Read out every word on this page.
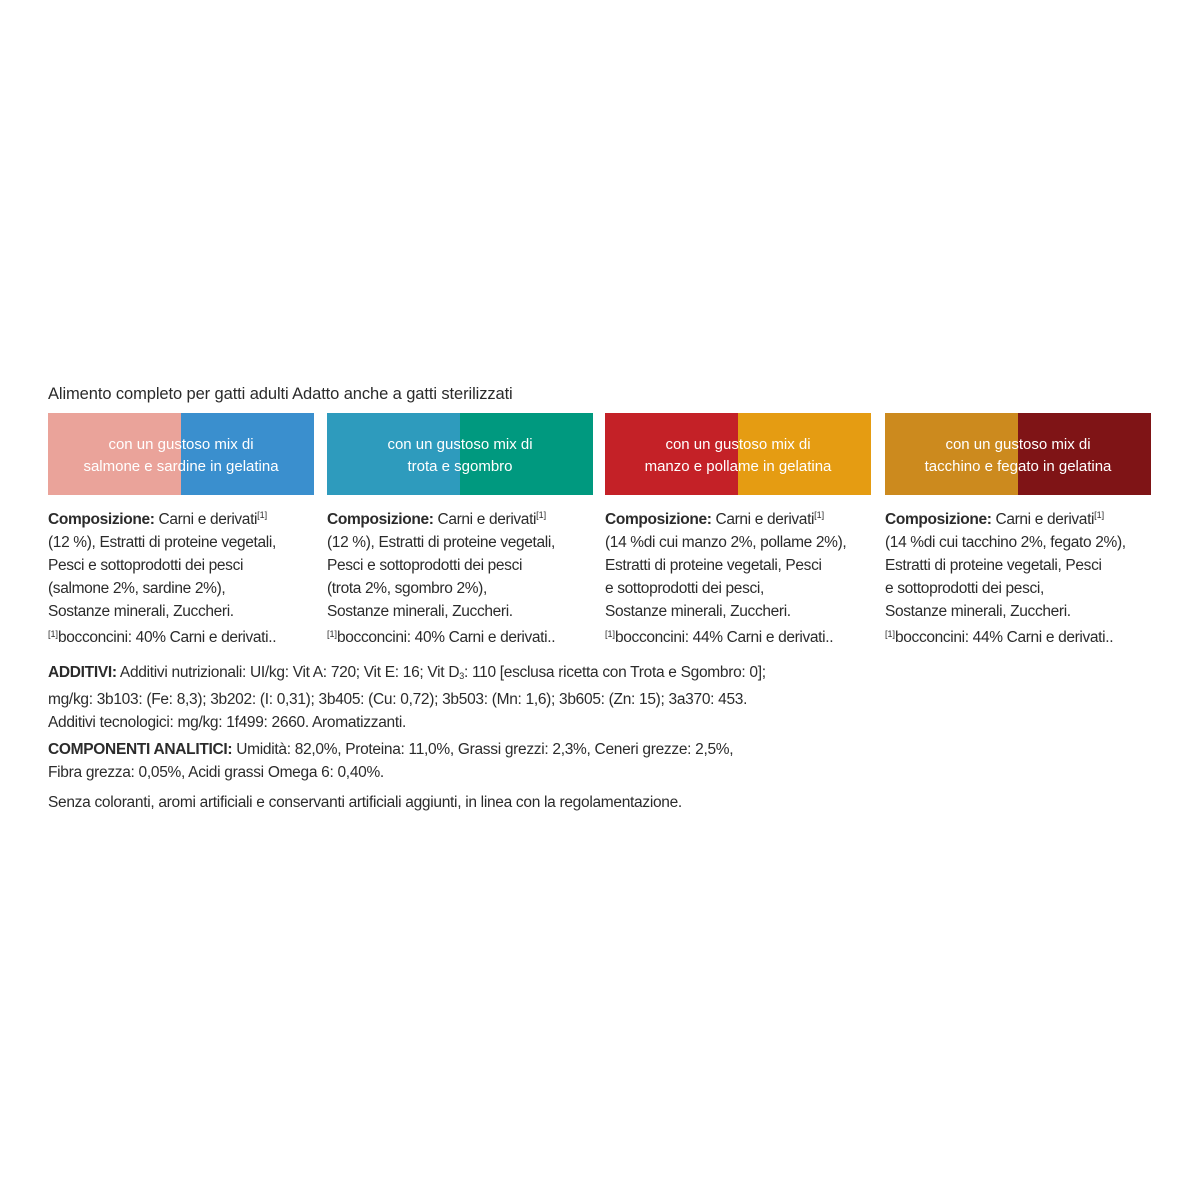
Alimento completo per gatti adulti Adatto anche a gatti sterilizzati
con un gustoso mix di
salmone e sardine in gelatina
Composizione: Carni e derivati[1]
(12 %), Estratti di proteine vegetali,
Pesci e sottoprodotti dei pesci
(salmone 2%, sardine 2%),
Sostanze minerali, Zuccheri.
[1]bocconcini: 40% Carni e derivati..
con un gustoso mix di
trota e sgombro
Composizione: Carni e derivati[1]
(12 %), Estratti di proteine vegetali,
Pesci e sottoprodotti dei pesci
(trota 2%, sgombro 2%),
Sostanze minerali, Zuccheri.
[1]bocconcini: 40% Carni e derivati..
con un gustoso mix di
manzo e pollame in gelatina
Composizione: Carni e derivati[1]
(14 %di cui manzo 2%, pollame 2%),
Estratti di proteine vegetali, Pesci
e sottoprodotti dei pesci,
Sostanze minerali, Zuccheri.
[1]bocconcini: 44% Carni e derivati..
con un gustoso mix di
tacchino e fegato in gelatina
Composizione: Carni e derivati[1]
(14 %di cui tacchino 2%, fegato 2%),
Estratti di proteine vegetali, Pesci
e sottoprodotti dei pesci,
Sostanze minerali, Zuccheri.
[1]bocconcini: 44% Carni e derivati..
ADDITIVI: Additivi nutrizionali: UI/kg: Vit A: 720; Vit E: 16; Vit D3: 110 [esclusa ricetta con Trota e Sgombro: 0];
mg/kg: 3b103: (Fe: 8,3); 3b202: (I: 0,31); 3b405: (Cu: 0,72); 3b503: (Mn: 1,6); 3b605: (Zn: 15); 3a370: 453.
Additivi tecnologici: mg/kg: 1f499: 2660. Aromatizzanti.
COMPONENTI ANALITICI: Umidità: 82,0%, Proteina: 11,0%, Grassi grezzi: 2,3%, Ceneri grezze: 2,5%,
Fibra grezza: 0,05%, Acidi grassi Omega 6: 0,40%.
Senza coloranti, aromi artificiali e conservanti artificiali aggiunti, in linea con la regolamentazione.
